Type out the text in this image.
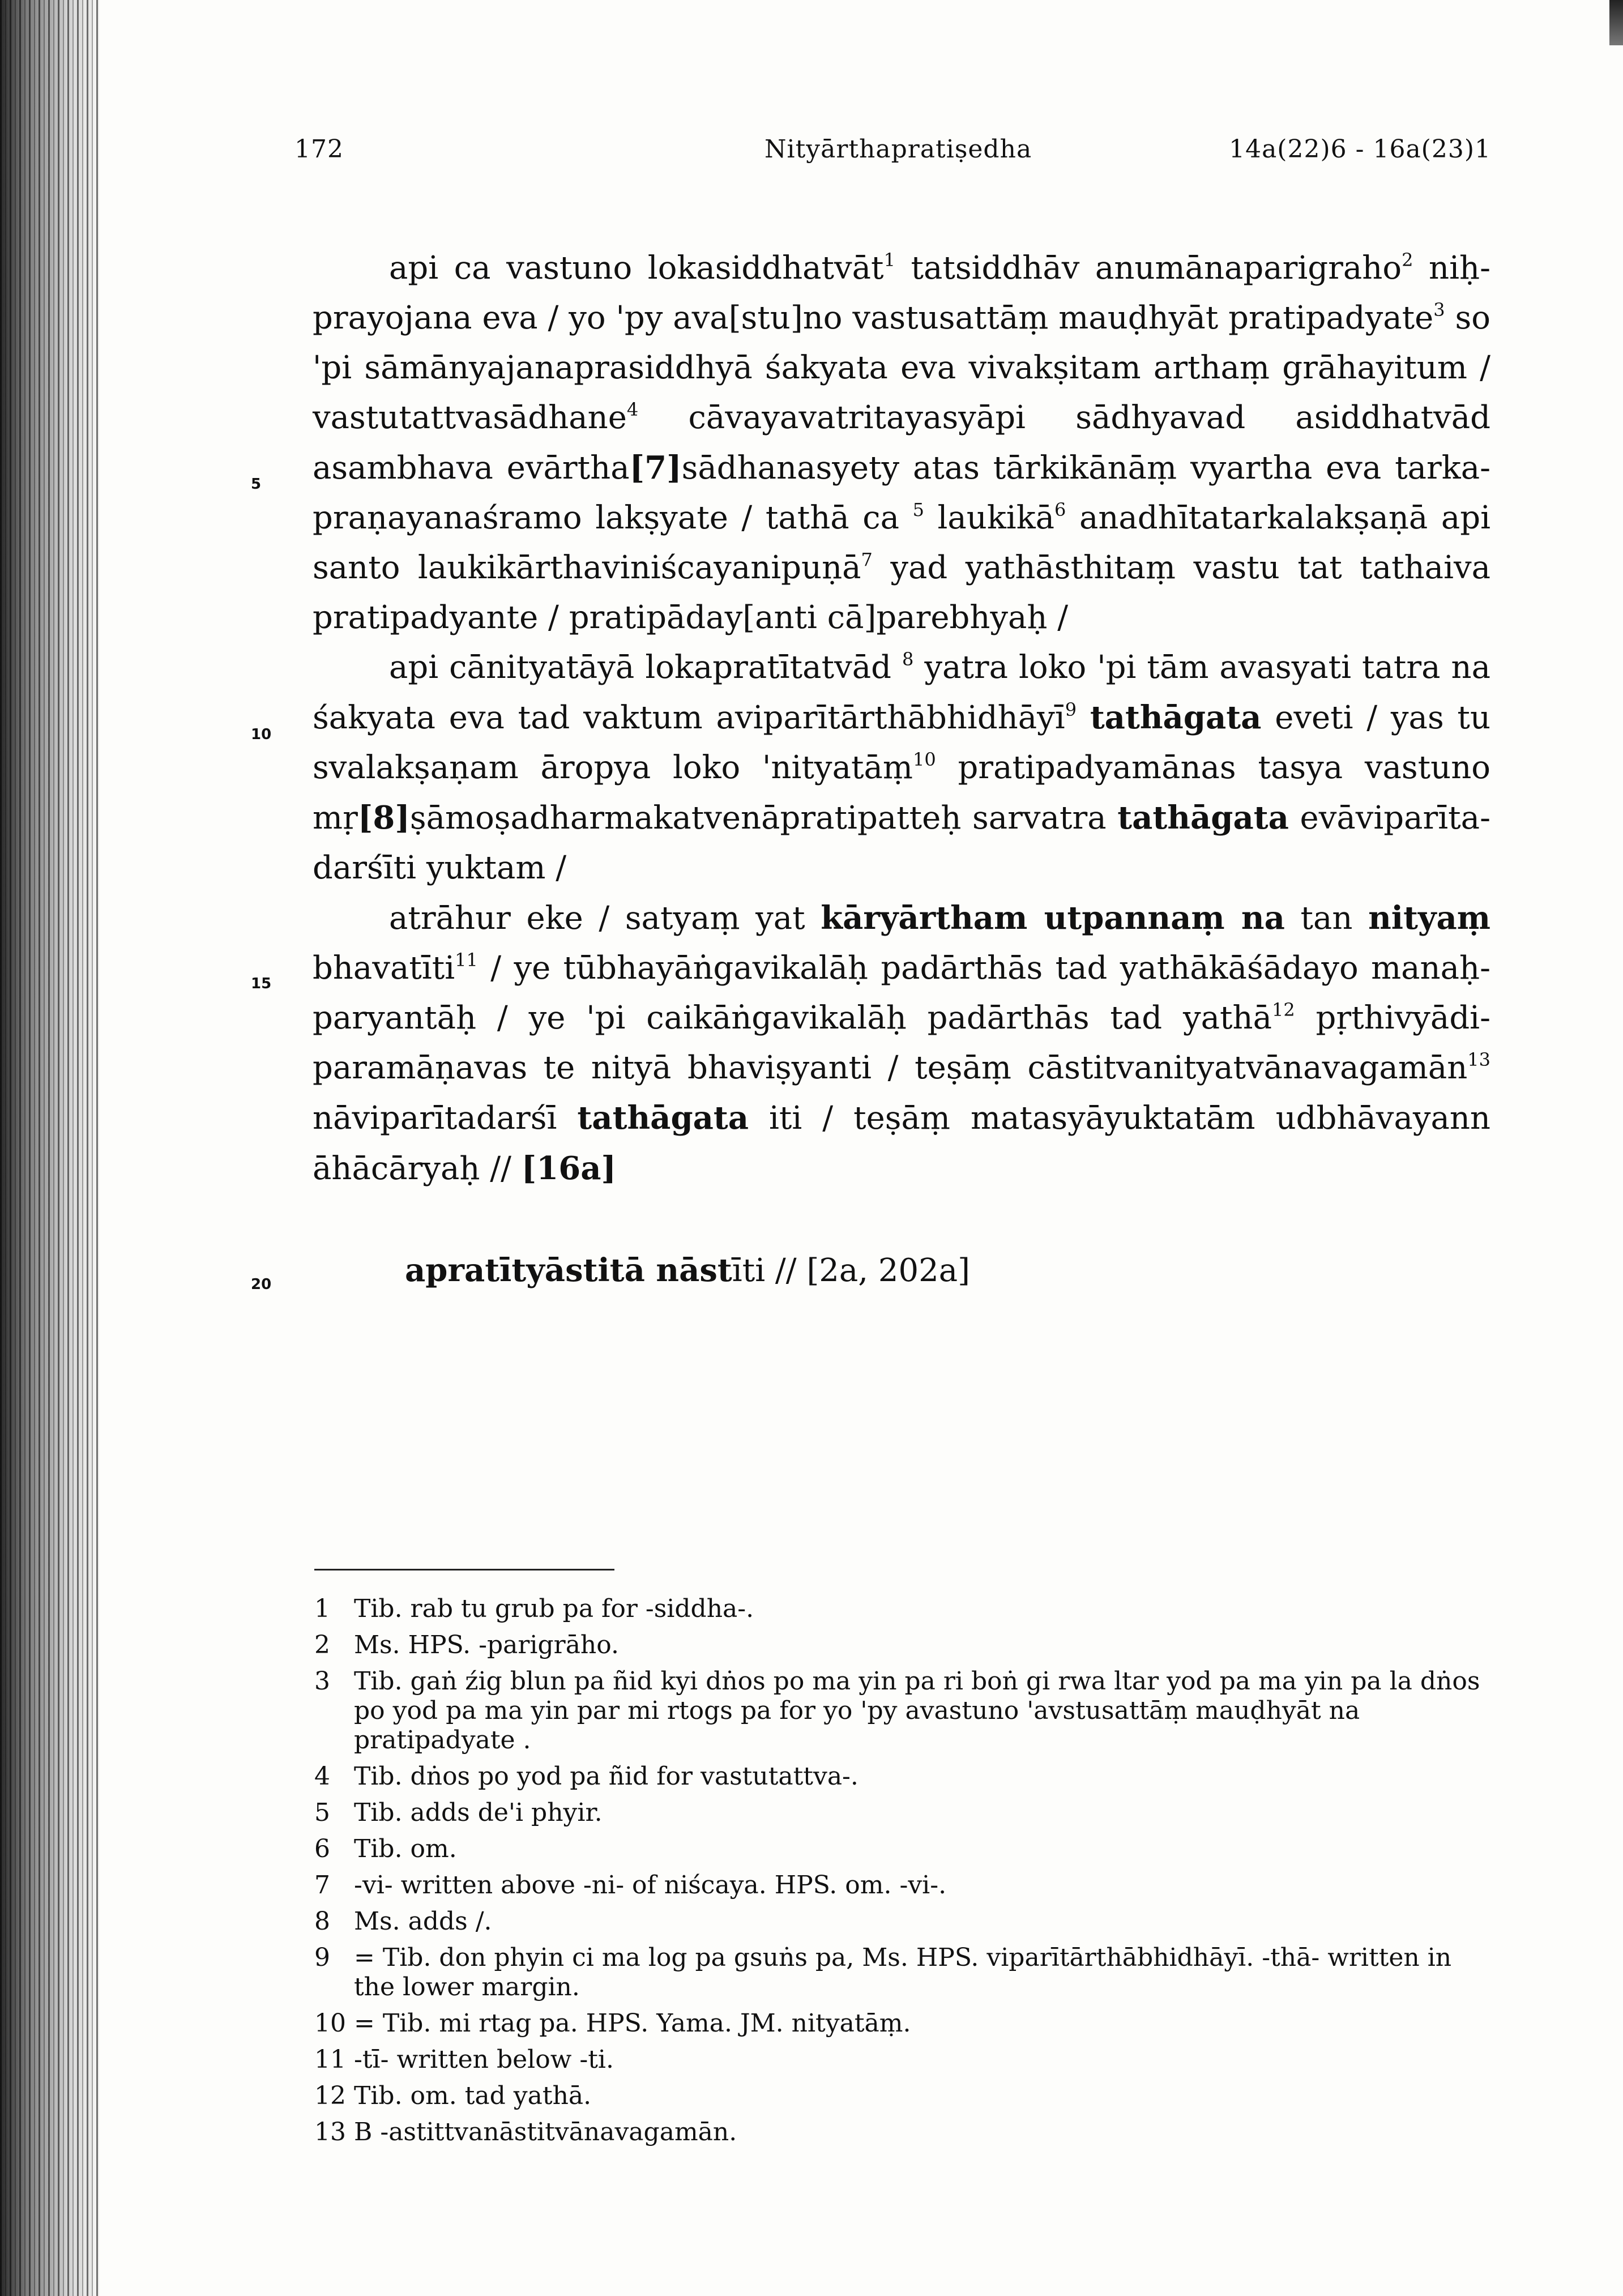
172	Nityārthapratiṣedha	14a(22)6 - 16a(23)1
5
10
15
20

api ca vastuno lokasiddhatvāt$^1$ tatsiddhāv anumānaparigraho$^2$ niḥprayojana eva / yo 'py ava[stu]no vastusattāṃ mauḍhyāt pratipadyate$^3$ so 'pi sāmānyajanaprasiddhyā śakyata eva vivakṣitam arthaṃ grāhayitum / vastutattvasādhane$^4$ cāvayavatritayasyāpi sādhyavad asiddhatvād asambhava evārtha[7]sādhanasyety atas tārkikānāṃ vyartha eva tarkapraṇayanaśramo lakṣyate / tathā ca $^5$ laukikā$^6$ anadhītatarkalakṣaṇā api santo laukikārthaviniścayanipuṇā$^7$ yad yathāsthitaṃ vastu tat tathaiva pratipadyante / pratipāday[anti cā]parebhyaḥ /

api cānityatāyā lokapratītatvād $^8$ yatra loko 'pi tām avasyati tatra na śakyata eva tad vaktum aviparītārthābhidhāyī$^9$ tathāgata eveti / yas tu svalakṣaṇam āropya loko 'nityatāṃ$^{10}$ pratipadyamānas tasya vastuno mṛ[8]ṣāmoṣadharmakatvenāpratipatteḥ sarvatra tathāgata evāviparītadarśīti yuktam /

atrāhur eke / satyaṃ yat kāryārtham utpannaṃ na tan nityaṃ bhavatīti$^{11}$ / ye tūbhayāṅgavikalāḥ padārthās tad yathākāśādayo manaḥparyantāḥ / ye 'pi caikāṅgavikalāḥ padārthās tad yathā$^{12}$ pṛthivyādiparamāṇavas te nityā bhaviṣyanti / teṣāṃ cāstitvanityatvānavagamān$^{13}$ nāviparītadarśī tathāgata iti / teṣāṃ matasyāyuktatām udbhāvayann āhācāryaḥ // [16a]

apratītyāstitā nāstīti // [2a, 202a]
1 Tib. rab tu grub pa for -siddha-.
2 Ms. HPS. -parigrāho.
3 Tib. gaṅ źig blun pa ñid kyi dṅos po ma yin pa ri boṅ gi rwa ltar yod pa ma yin pa la dṅos po yod pa ma yin par mi rtogs pa for yo 'py avastuno 'avstusattāṃ mauḍhyāt na pratipadyate .
4 Tib. dṅos po yod pa ñid for vastutattva-.
5 Tib. adds de'i phyir.
6 Tib. om.
7 -vi- written above -ni- of niścaya. HPS. om. -vi-.
8 Ms. adds /.
9 = Tib. don phyin ci ma log pa gsuṅs pa, Ms. HPS. viparītārthābhidhāyī. -thā- written in the lower margin.
10 = Tib. mi rtag pa. HPS. Yama. JM. nityatāṃ.
11 -tī- written below -ti.
12 Tib. om. tad yathā.
13 B -astittvanāstitvānavagamān.
